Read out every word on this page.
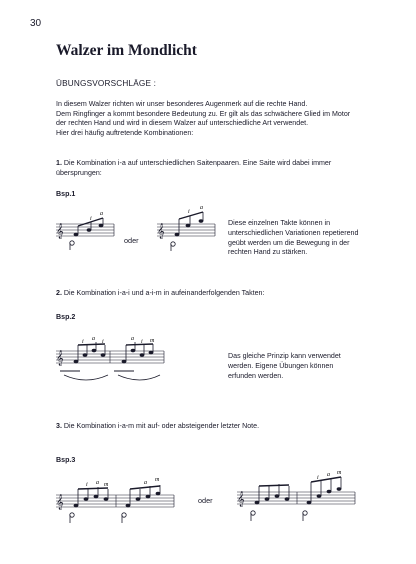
30
Walzer im Mondlicht
ÜBUNGSVORSCHLÄGE :
In diesem Walzer richten wir unser besonderes Augenmerk auf die rechte Hand.
Dem Ringfinger a kommt besondere Bedeutung zu. Er gilt als das schwächere Glied im Motor
der rechten Hand und wird in diesem Walzer auf unterschiedliche Art verwendet.
Hier drei häufig auftretende Kombinationen:
1. Die Kombination i-a auf unterschiedlichen Saitenpaaren. Eine Saite wird dabei immer
übersprungen:
Bsp.1
𝄞
i
a
oder
𝄞
i
a
Diese einzelnen Takte können in
unterschiedlichen Variationen repetierend
geübt werden um die Bewegung in der
rechten Hand zu stärken.
2. Die Kombination i-a-i und a-i-m in aufeinanderfolgenden Takten:
Bsp.2
𝄞
i a i	a i m
Das gleiche Prinzip kann verwendet
werden. Eigene Übungen können
erfunden werden.
3. Die Kombination i-a-m mit auf- oder absteigender letzter Note.
Bsp.3
𝄞
i a m	a m
oder 𝄞
i a m
